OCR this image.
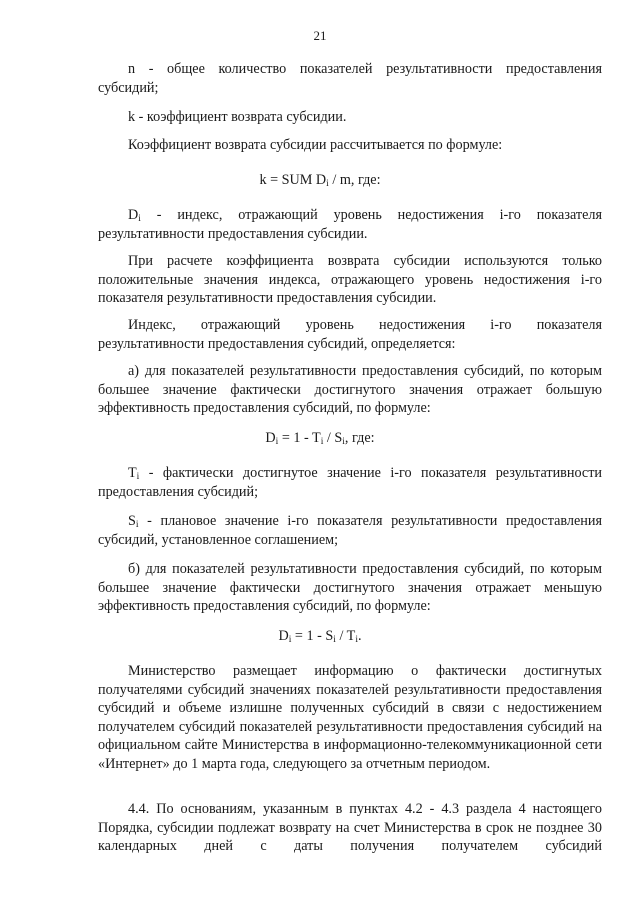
21

n - общее количество показателей результативности предоставления субсидий;

k - коэффициент возврата субсидии.

Коэффициент возврата субсидии рассчитывается по формуле:

k = SUM $D_i$ / m, где:

$D_i$ - индекс, отражающий уровень недостижения i-го показателя результативности предоставления субсидии.

При расчете коэффициента возврата субсидии используются только положительные значения индекса, отражающего уровень недостижения i-го показателя результативности предоставления субсидии.

Индекс, отражающий уровень недостижения i-го показателя результативности предоставления субсидий, определяется:

а) для показателей результативности предоставления субсидий, по которым большее значение фактически достигнутого значения отражает большую эффективность предоставления субсидий, по формуле:

$D_i = 1 - T_i / S_i$, где:

$T_i$ - фактически достигнутое значение i-го показателя результативности предоставления субсидий;

$S_i$ - плановое значение i-го показателя результативности предоставления субсидий, установленное соглашением;

б) для показателей результативности предоставления субсидий, по которым большее значение фактически достигнутого значения отражает меньшую эффективность предоставления субсидий, по формуле:

$D_i = 1 - S_i / T_i$.

Министерство размещает информацию о фактически достигнутых получателями субсидий значениях показателей результативности предоставления субсидий и объеме излишне полученных субсидий в связи с недостижением получателем субсидий показателей результативности предоставления субсидий на официальном сайте Министерства в информационно-телекоммуникационной сети «Интернет» до 1 марта года, следующего за отчетным периодом.

4.4. По основаниям, указанным в пунктах 4.2 - 4.3 раздела 4 настоящего Порядка, субсидии подлежат возврату на счет Министерства в срок не позднее 30 календарных дней с даты получения получателем субсидий
